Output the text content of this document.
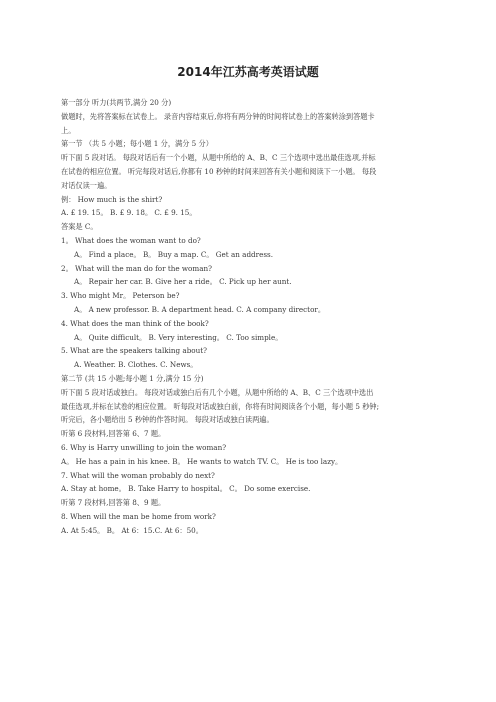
2014年江苏高考英语试题
第一部分 听力(共两节,满分 20 分)
做题时，先将答案标在试卷上。 录音内容结束后,你将有两分钟的时间将试卷上的答案转涂到答题卡
上。
第一节 （共 5 小题；每小题 1 分，满分 5 分）
听下面 5 段对话。 每段对话后有一个小题，从题中所给的 A、B、C 三个选项中选出最佳选项,并标
在试卷的相应位置。 听完每段对话后,你都有 10 秒钟的时间来回答有关小题和阅读下一小题。 每段
对话仅读一遍。
例： How much is the shirt?
A. £ 19. 15。 B. £ 9. 18。 C. £ 9. 15。
答案是 C。
1。 What does the woman want to do?
A。 Find a place。 B。 Buy a map. C。 Get an address.
2。 What will the man do for the woman?
A。 Repair her car. B. Give her a ride。 C. Pick up her aunt.
3. Who might Mr。 Peterson be?
A。 A new professor. B. A department head. C. A company director。
4. What does the man think of the book?
A。 Quite difficult。 B. Very interesting。 C. Too simple。
5. What are the speakers talking about?
A. Weather. B. Clothes. C. News。
第二节 (共 15 小题;每小题 1 分,满分 15 分)
听下面 5 段对话或独白。 每段对话或独白后有几个小题，从题中所给的 A、B、C 三个选项中选出
最佳选项,并标在试卷的相应位置。 听每段对话或独白前，你将有时间阅读各个小题，每小题 5 秒钟;
听完后，各小题给出 5 秒钟的作答时间。 每段对话或独白读两遍。
听第 6 段材料,回答第 6、7 题。
6. Why is Harry unwilling to join the woman?
A。 He has a pain in his knee. B。 He wants to watch TV. C。 He is too lazy。
7. What will the woman probably do next?
A. Stay at home。 B. Take Harry to hospital。 C。 Do some exercise.
听第 7 段材料,回答第 8、9 题。
8. When will the man be home from work?
A. At 5:45。 B。 At 6：15.C. At 6：50。
